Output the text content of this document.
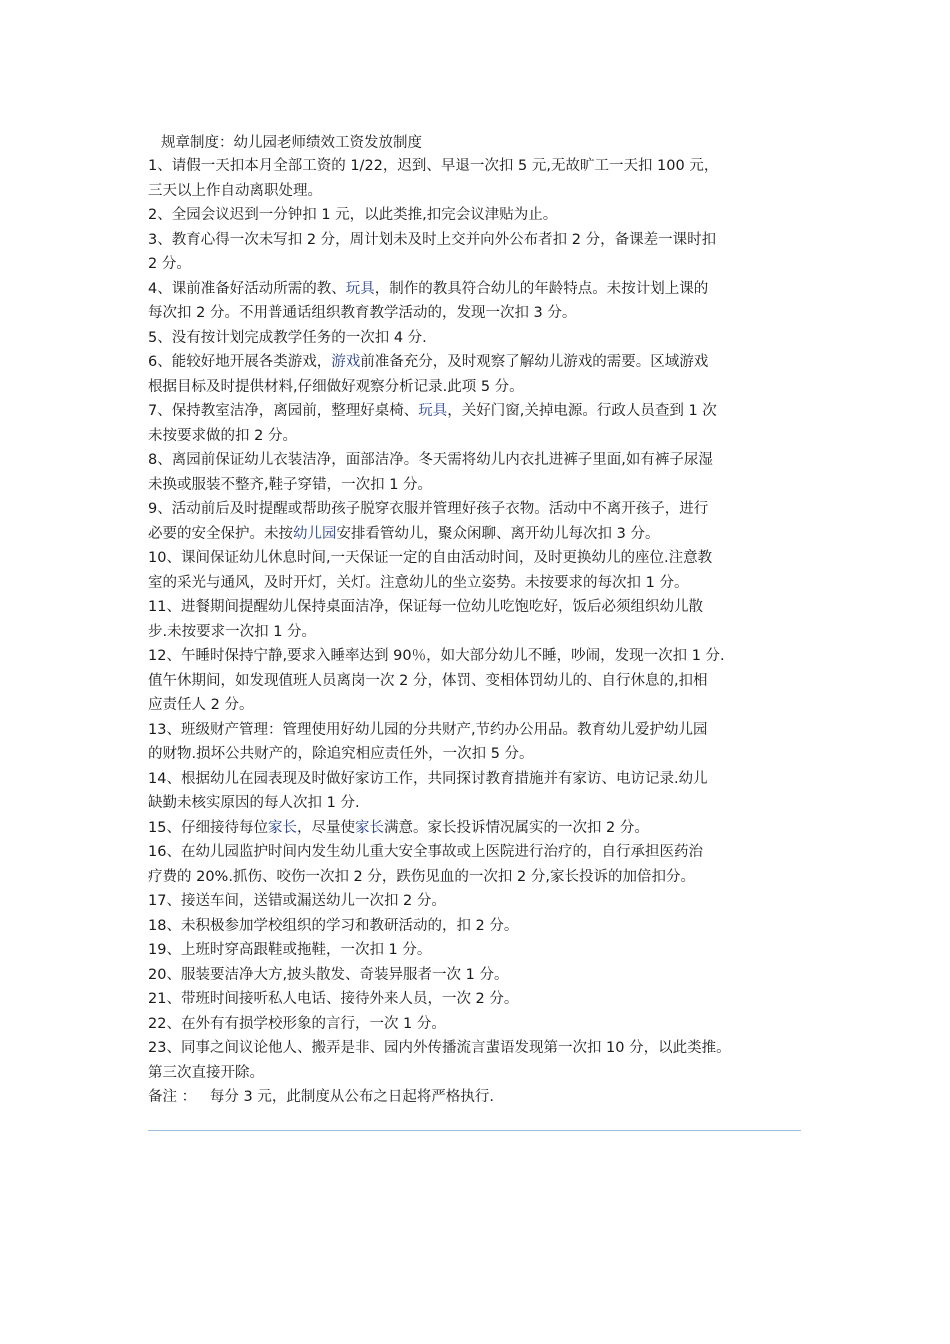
规章制度：幼儿园老师绩效工资发放制度
1、请假一天扣本月全部工资的 1/22，迟到、早退一次扣 5 元,无故旷工一天扣 100 元，
三天以上作自动离职处理。
2、全园会议迟到一分钟扣 1 元，以此类推,扣完会议津贴为止。
3、教育心得一次未写扣 2 分，周计划未及时上交并向外公布者扣 2 分，备课差一课时扣
2 分。
4、课前准备好活动所需的教、玩具，制作的教具符合幼儿的年龄特点。未按计划上课的
每次扣 2 分。不用普通话组织教育教学活动的，发现一次扣 3 分。
5、没有按计划完成教学任务的一次扣 4 分.
6、能较好地开展各类游戏，游戏前准备充分，及时观察了解幼儿游戏的需要。区域游戏
根据目标及时提供材料,仔细做好观察分析记录.此项 5 分。
7、保持教室洁净，离园前，整理好桌椅、玩具，关好门窗,关掉电源。行政人员查到 1 次
未按要求做的扣 2 分。
8、离园前保证幼儿衣装洁净，面部洁净。冬天需将幼儿内衣扎进裤子里面,如有裤子尿湿
未换或服装不整齐,鞋子穿错，一次扣 1 分。
9、活动前后及时提醒或帮助孩子脱穿衣服并管理好孩子衣物。活动中不离开孩子，进行
必要的安全保护。未按幼儿园安排看管幼儿，聚众闲聊、离开幼儿每次扣 3 分。
10、课间保证幼儿休息时间,一天保证一定的自由活动时间，及时更换幼儿的座位.注意教
室的采光与通风，及时开灯，关灯。注意幼儿的坐立姿势。未按要求的每次扣 1 分。
11、进餐期间提醒幼儿保持桌面洁净，保证每一位幼儿吃饱吃好，饭后必须组织幼儿散
步.未按要求一次扣 1 分。
12、午睡时保持宁静,要求入睡率达到 90％，如大部分幼儿不睡，吵闹，发现一次扣 1 分.
值午休期间，如发现值班人员离岗一次 2 分，体罚、变相体罚幼儿的、自行休息的,扣相
应责任人 2 分。
13、班级财产管理：管理使用好幼儿园的分共财产,节约办公用品。教育幼儿爱护幼儿园
的财物.损坏公共财产的，除追究相应责任外，一次扣 5 分。
14、根据幼儿在园表现及时做好家访工作，共同探讨教育措施并有家访、电访记录.幼儿
缺勤未核实原因的每人次扣 1 分.
15、仔细接待每位家长，尽量使家长满意。家长投诉情况属实的一次扣 2 分。
16、在幼儿园监护时间内发生幼儿重大安全事故或上医院进行治疗的，自行承担医药治
疗费的 20%.抓伤、咬伤一次扣 2 分，跌伤见血的一次扣 2 分,家长投诉的加倍扣分。
17、接送车间，送错或漏送幼儿一次扣 2 分。
18、未积极参加学校组织的学习和教研活动的，扣 2 分。
19、上班时穿高跟鞋或拖鞋，一次扣 1 分。
20、服装要洁净大方,披头散发、奇装异服者一次 1 分。
21、带班时间接听私人电话、接待外来人员，一次 2 分。
22、在外有有损学校形象的言行，一次 1 分。
23、同事之间议论他人、搬弄是非、园内外传播流言蜚语发现第一次扣 10 分，以此类推。
第三次直接开除。
备注 ：   每分 3 元，此制度从公布之日起将严格执行.
